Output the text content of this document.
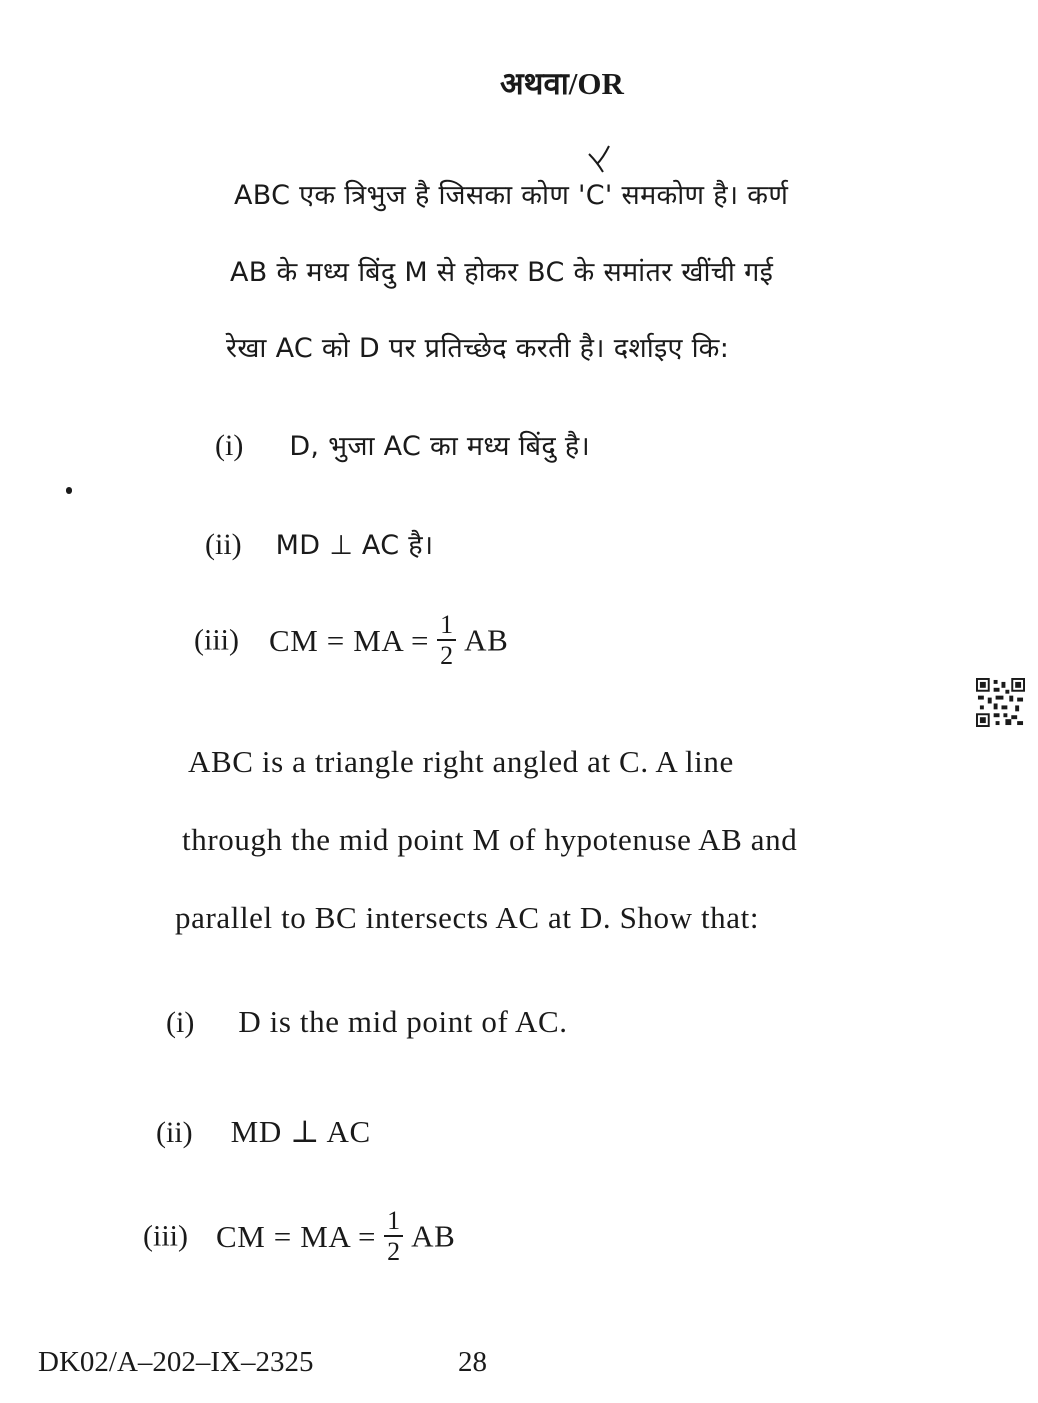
अथवा/OR
ABC एक त्रिभुज है जिसका कोण 'C' समकोण है। कर्ण
AB के मध्य बिंदु M से होकर BC के समांतर खींची गई
रेखा AC को D पर प्रतिच्छेद करती है। दर्शाइए कि:
(i) D, भुजा AC का मध्य बिंदु है।
(ii) MD ⊥ AC है।
(iii) CM = MA = $\frac{1}{2}$ AB
ABC is a triangle right angled at C. A line
through the mid point M of hypotenuse AB and
parallel to BC intersects AC at D. Show that:
(i) D is the mid point of AC.
(ii) MD ⊥ AC
(iii) CM = MA = $\frac{1}{2}$ AB
DK02/A–202–IX–2325	28
